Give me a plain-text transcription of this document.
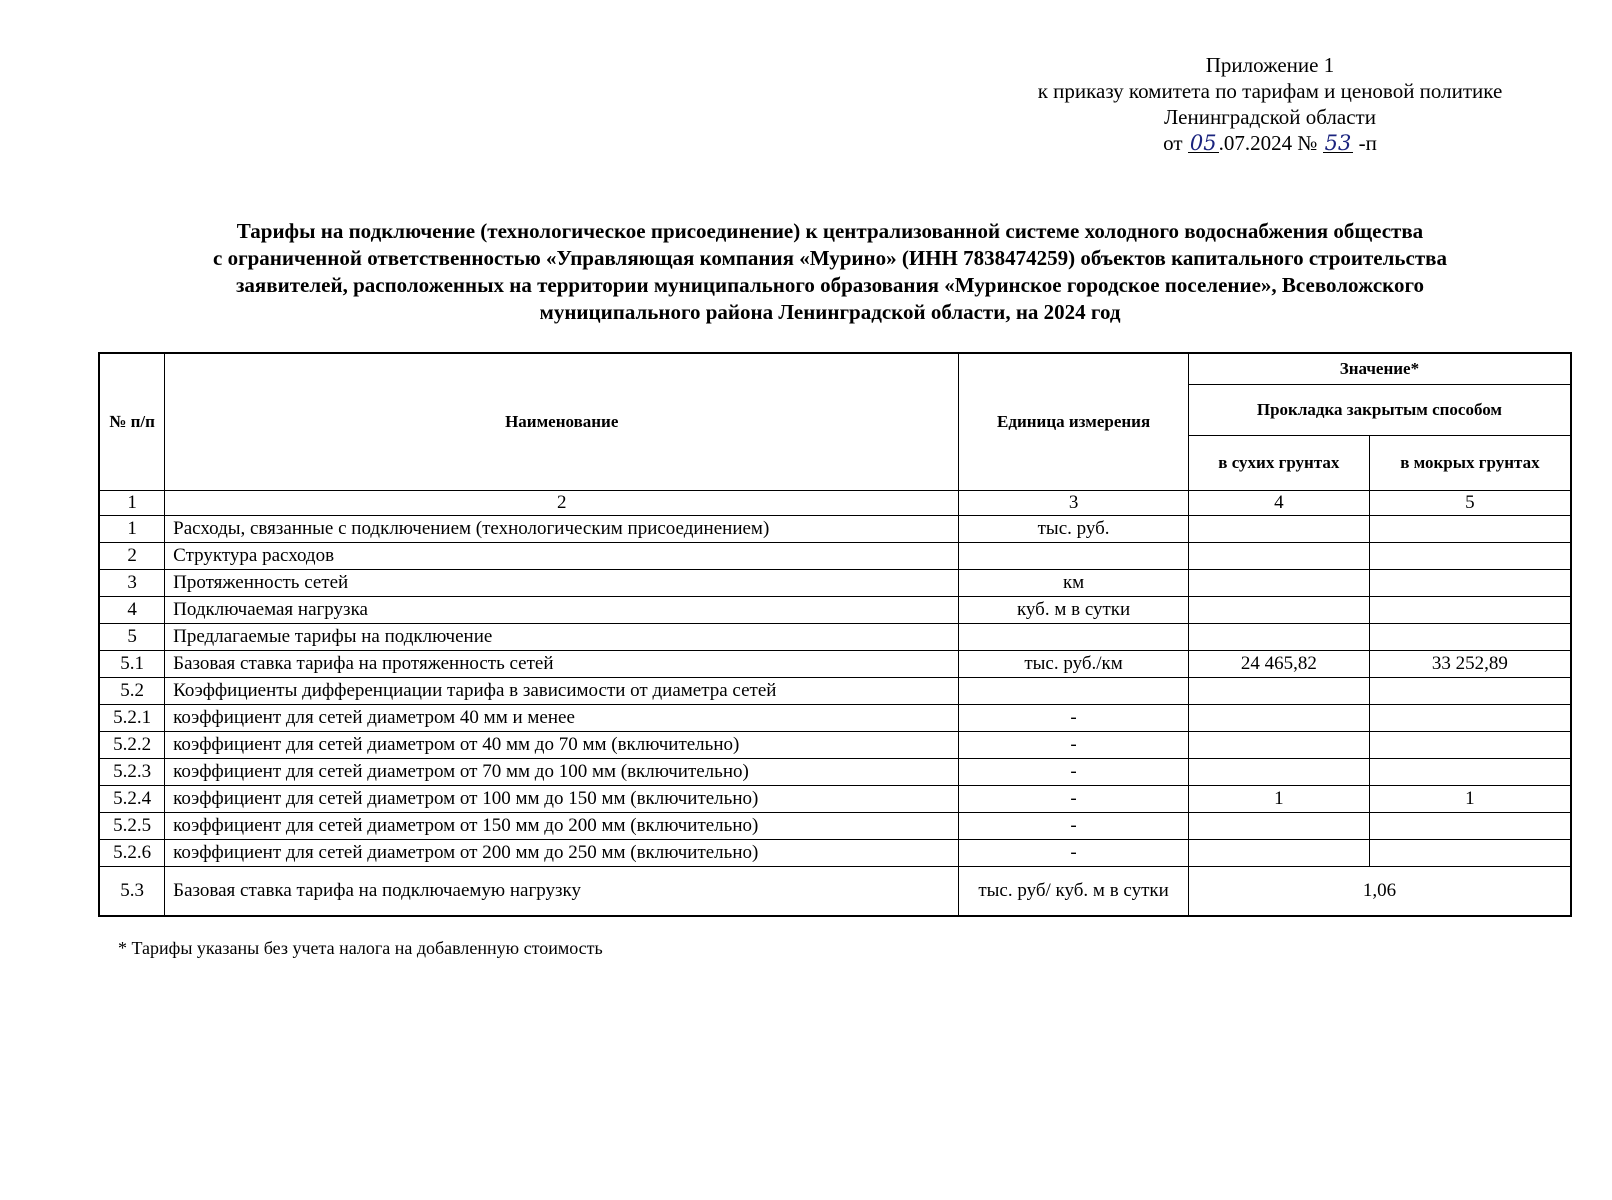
Приложение 1
к приказу комитета по тарифам и ценовой политике
Ленинградской области
от 05.07.2024 № 53 -п
Тарифы на подключение (технологическое присоединение) к централизованной системе холодного водоснабжения общества
с ограниченной ответственностью «Управляющая компания «Мурино» (ИНН 7838474259) объектов капитального строительства
заявителей, расположенных на территории муниципального образования «Муринское городское поселение», Всеволожского
муниципального района Ленинградской области, на 2024 год
№ п/п	Наименование	Единица измерения	Значение*	
			Прокладка закрытым способом	
			в сухих грунтах	в мокрых грунтах
1	2	3	4	5
1	Расходы, связанные с подключением (технологическим присоединением)	тыс. руб.		
2	Структура расходов			
3	Протяженность сетей	км		
4	Подключаемая нагрузка	куб. м в сутки		
5	Предлагаемые тарифы на подключение			
5.1	Базовая ставка тарифа на протяженность сетей	тыс. руб./км	24 465,82	33 252,89
5.2	Коэффициенты дифференциации тарифа в зависимости от диаметра сетей			
5.2.1	коэффициент для сетей диаметром 40 мм и менее	-		
5.2.2	коэффициент для сетей диаметром от 40 мм до 70 мм (включительно)	-		
5.2.3	коэффициент для сетей диаметром от 70 мм до 100 мм (включительно)	-		
5.2.4	коэффициент для сетей диаметром от 100 мм до 150 мм (включительно)	-	1	1
5.2.5	коэффициент для сетей диаметром от 150 мм до 200 мм (включительно)	-		
5.2.6	коэффициент для сетей диаметром от 200 мм до 250 мм (включительно)	-		
5.3	Базовая ставка тарифа на подключаемую нагрузку	тыс. руб/ куб. м в сутки	1,06	
* Тарифы указаны без учета налога на добавленную стоимость
